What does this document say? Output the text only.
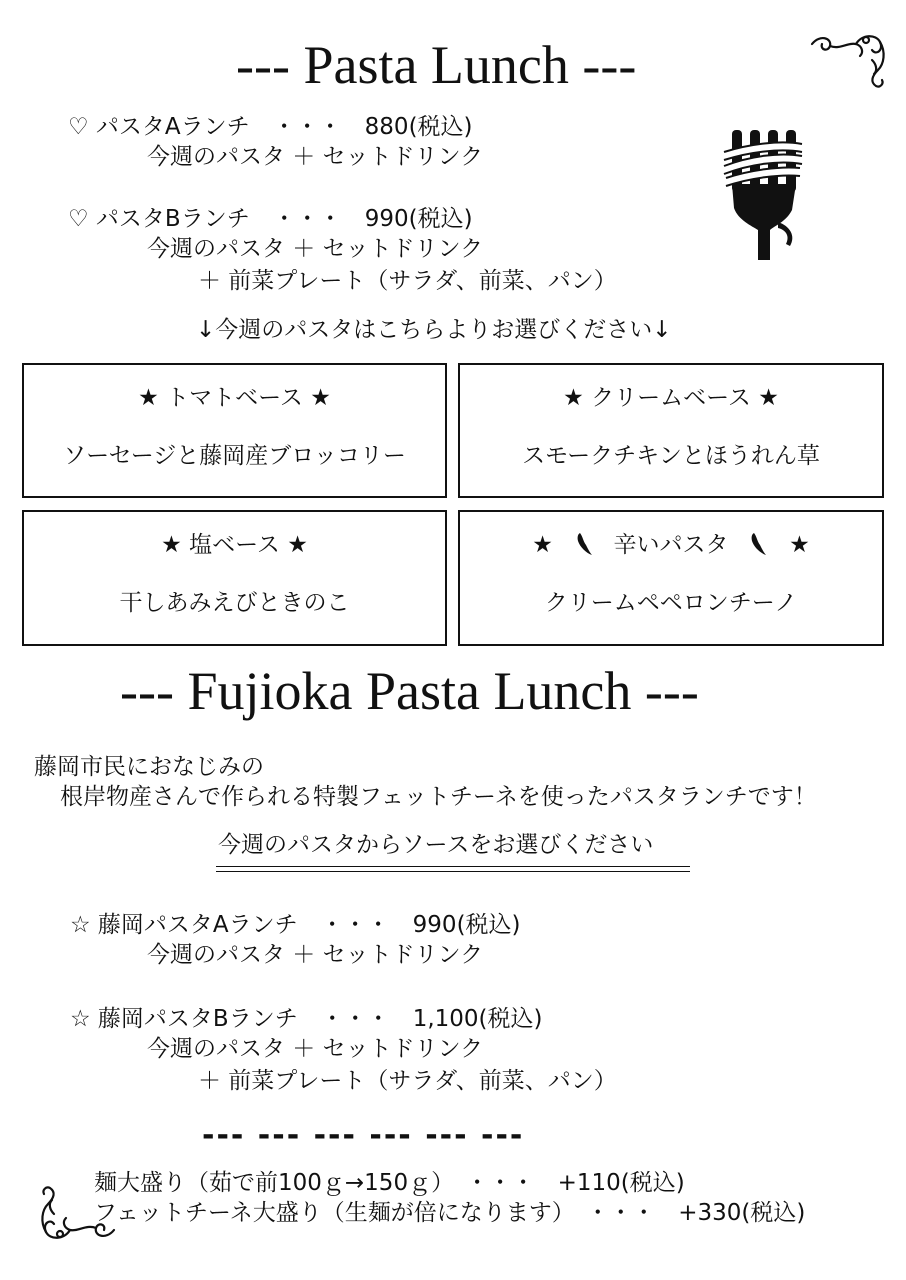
--- Pasta Lunch ---
♡ パスタAランチ　・・・　880(税込)
今週のパスタ ＋ セットドリンク
♡ パスタBランチ　・・・　990(税込)
今週のパスタ ＋ セットドリンク
＋ 前菜プレート（サラダ、前菜、パン）
↓今週のパスタはこちらよりお選びください↓
★ トマトベース ★
ソーセージと藤岡産ブロッコリー
★ クリームベース ★
スモークチキンとほうれん草
★ 塩ベース ★
干しあみえびときのこ
★	辛いパスタ	★
クリームペペロンチーノ
--- Fujioka Pasta Lunch ---
藤岡市民におなじみの
根岸物産さんで作られる特製フェットチーネを使ったパスタランチです！
今週のパスタからソースをお選びください
☆ 藤岡パスタAランチ　・・・　990(税込)
今週のパスタ ＋ セットドリンク
☆ 藤岡パスタBランチ　・・・　1,100(税込)
今週のパスタ ＋ セットドリンク
＋ 前菜プレート（サラダ、前菜、パン）
--- --- --- --- --- ---
麺大盛り（茹で前100ｇ→150ｇ）　・・・　+110(税込)
フェットチーネ大盛り（生麺が倍になります）　・・・　+330(税込)
